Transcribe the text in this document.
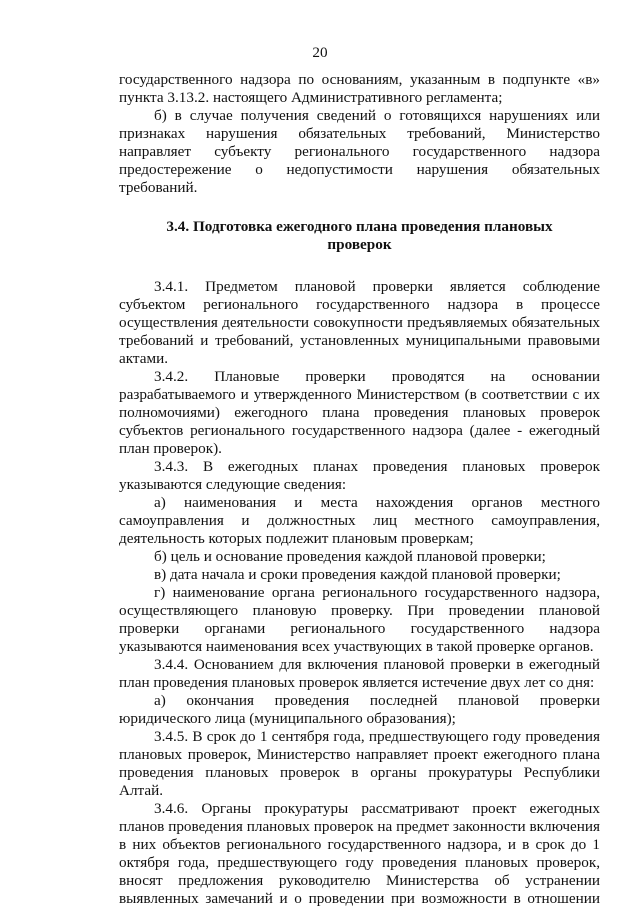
20

государственного надзора по основаниям, указанным в подпункте «в» пункта 3.13.2. настоящего Административного регламента;

б) в случае получения сведений о готовящихся нарушениях или признаках нарушения обязательных требований, Министерство направляет субъекту регионального государственного надзора предостережение о недопустимости нарушения обязательных требований.

3.4. Подготовка ежегодного плана проведения плановых

проверок

3.4.1. Предметом плановой проверки является соблюдение субъектом регионального государственного надзора в процессе осуществления деятельности совокупности предъявляемых обязательных требований и требований, установленных муниципальными правовыми актами.

3.4.2. Плановые проверки проводятся на основании разрабатываемого и утвержденного Министерством (в соответствии с их полномочиями) ежегодного плана проведения плановых проверок субъектов регионального государственного надзора (далее - ежегодный план проверок).

3.4.3. В ежегодных планах проведения плановых проверок указываются следующие сведения:

а) наименования и места нахождения органов местного самоуправления и должностных лиц местного самоуправления, деятельность которых подлежит плановым проверкам;

б) цель и основание проведения каждой плановой проверки;

в) дата начала и сроки проведения каждой плановой проверки;

г) наименование органа регионального государственного надзора, осуществляющего плановую проверку. При проведении плановой проверки органами регионального государственного надзора указываются наименования всех участвующих в такой проверке органов.

3.4.4. Основанием для включения плановой проверки в ежегодный план проведения плановых проверок является истечение двух лет со дня:

а) окончания проведения последней плановой проверки юридического лица (муниципального образования);

3.4.5. В срок до 1 сентября года, предшествующего году проведения плановых проверок, Министерство направляет проект ежегодного плана проведения плановых проверок в органы прокуратуры Республики Алтай.

3.4.6. Органы прокуратуры рассматривают проект ежегодных планов проведения плановых проверок на предмет законности включения в них объектов регионального государственного надзора, и в срок до 1 октября года, предшествующего году проведения плановых проверок, вносят предложения руководителю Министерства об устранении выявленных замечаний и о проведении при возможности в отношении
